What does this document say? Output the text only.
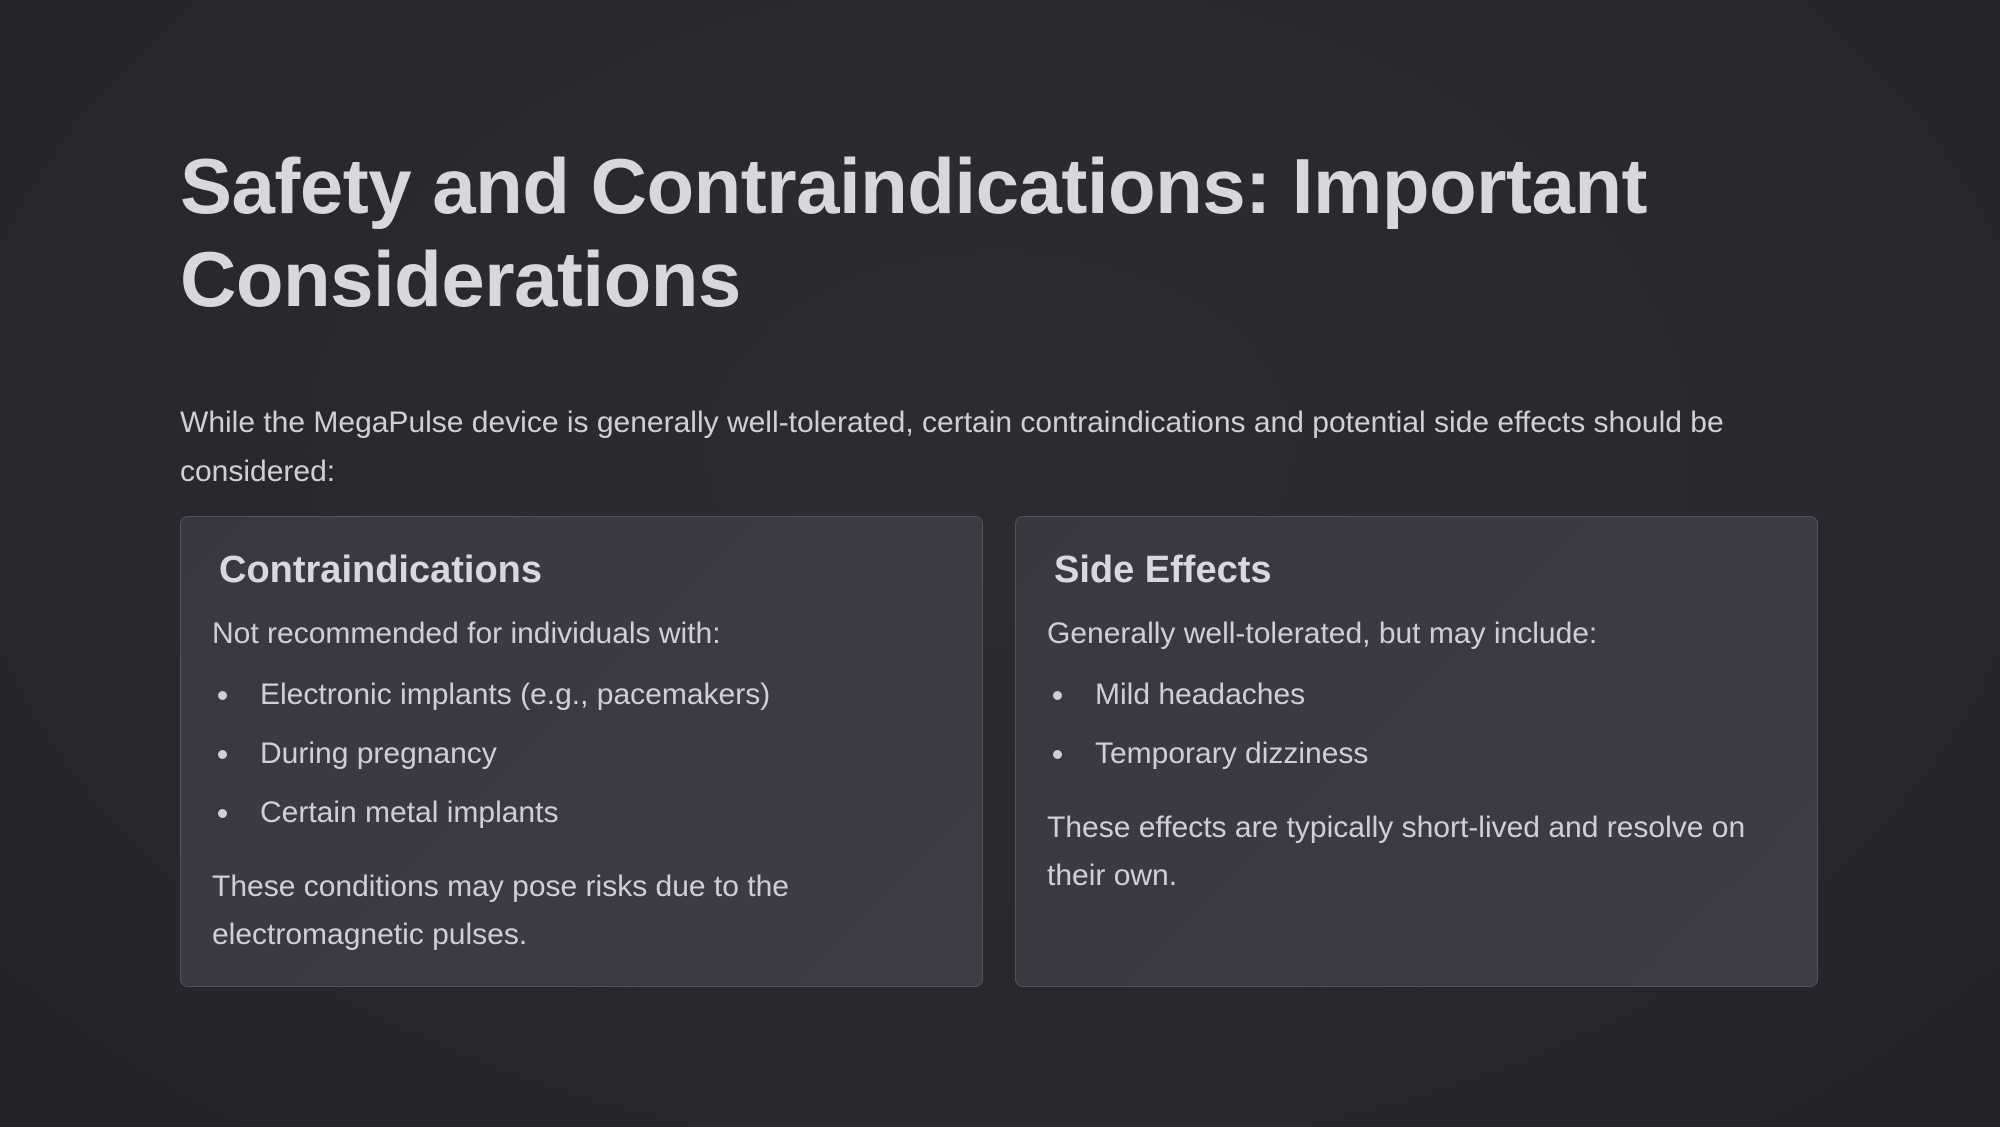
Safety and Contraindications: Important Considerations

While the MegaPulse device is generally well-tolerated, certain contraindications and potential side effects should be considered:

Contraindications

Not recommended for individuals with:

Electronic implants (e.g., pacemakers)
During pregnancy
Certain metal implants

These conditions may pose risks due to the electromagnetic pulses.

Side Effects

Generally well-tolerated, but may include:

Mild headaches
Temporary dizziness

These effects are typically short-lived and resolve on their own.
